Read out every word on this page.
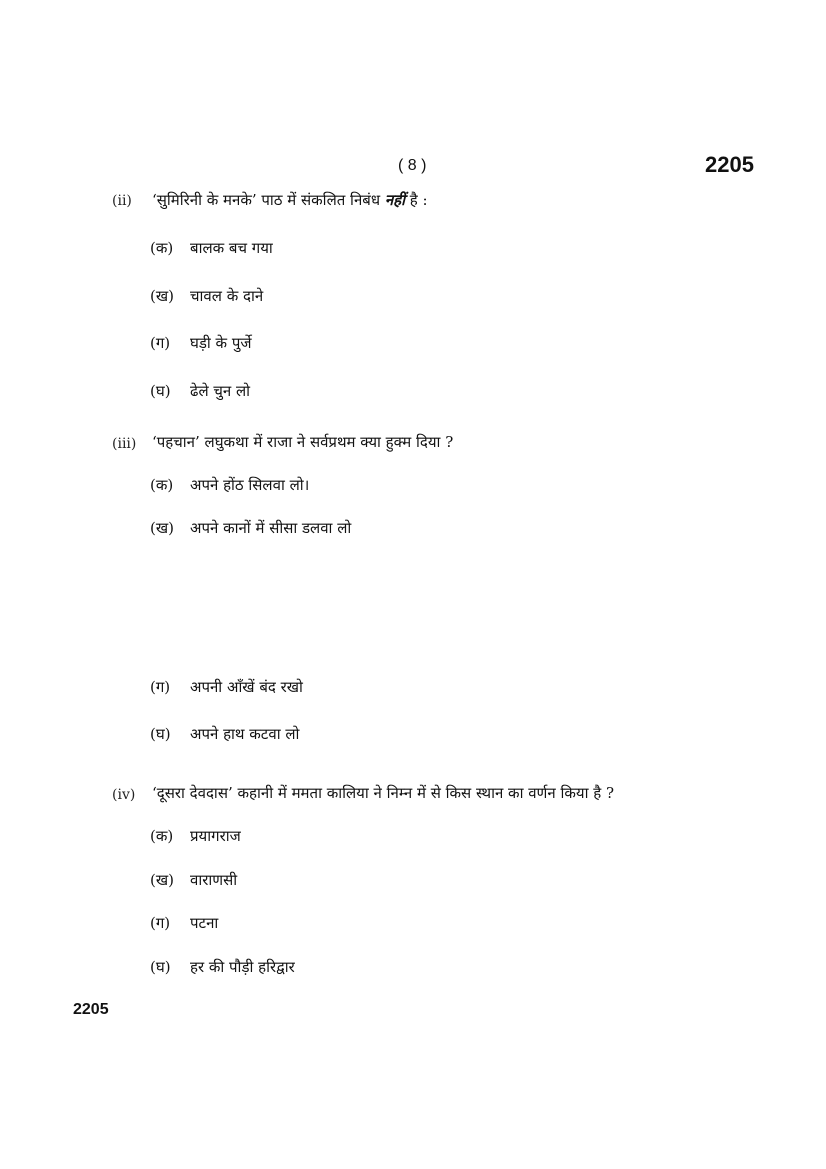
( 8 )	2205
(ii) ‘सुमिरिनी के मनके’ पाठ में संकलित निबंध नहीं है :
(क) बालक बच गया
(ख) चावल के दाने
(ग) घड़ी के पुर्जे
(घ) ढेले चुन लो
(iii) ‘पहचान’ लघुकथा में राजा ने सर्वप्रथम क्या हुक्म दिया ?
(क) अपने होंठ सिलवा लो।
(ख) अपने कानों में सीसा डलवा लो
(ग) अपनी आँखें बंद रखो
(घ) अपने हाथ कटवा लो
(iv) ‘दूसरा देवदास’ कहानी में ममता कालिया ने निम्न में से किस स्थान का वर्णन किया है ?
(क) प्रयागराज
(ख) वाराणसी
(ग) पटना
(घ) हर की पौड़ी हरिद्वार
2205
